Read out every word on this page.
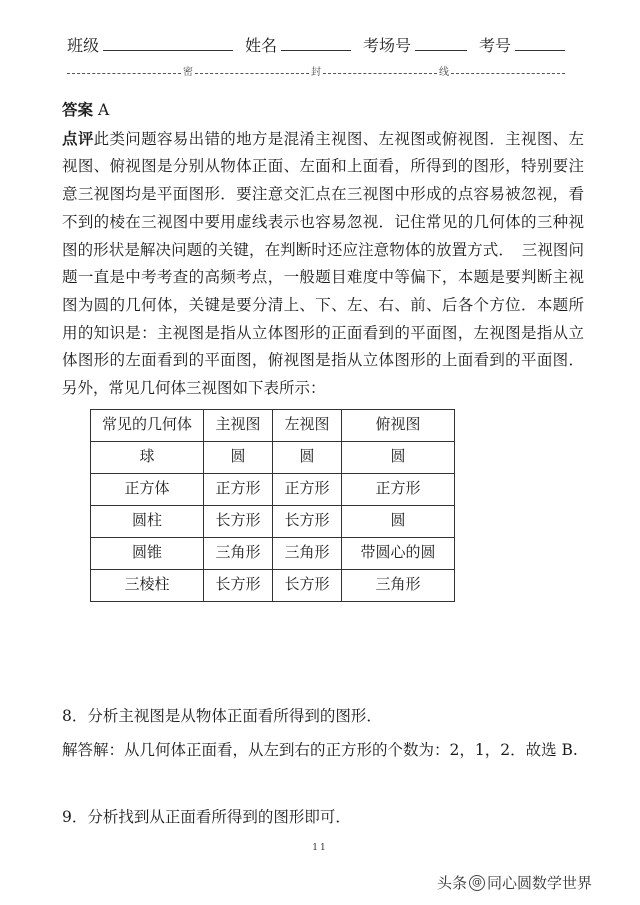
班级	姓名	考场号	考号
密	封	线

答案 A

点评此类问题容易出错的地方是混淆主视图、左视图或俯视图．主视图、左视图、俯视图是分别从物体正面、左面和上面看，所得到的图形，特别要注意三视图均是平面图形．要注意交汇点在三视图中形成的点容易被忽视，看不到的棱在三视图中要用虚线表示也容易忽视．记住常见的几何体的三种视图的形状是解决问题的关键，在判断时还应注意物体的放置方式．　三视图问题一直是中考考查的高频考点，一般题目难度中等偏下，本题是要判断主视图为圆的几何体，关键是要分清上、下、左、右、前、后各个方位．本题所用的知识是：主视图是指从立体图形的正面看到的平面图，左视图是指从立体图形的左面看到的平面图，俯视图是指从立体图形的上面看到的平面图．另外，常见几何体三视图如下表所示：

常见的几何体	主视图	左视图	俯视图
球	圆	圆	圆
正方体	正方形	正方形	正方形
圆柱	长方形	长方形	圆
圆锥	三角形	三角形	带圆心的圆
三棱柱	长方形	长方形	三角形

8．分析主视图是从物体正面看所得到的图形．

解答解：从几何体正面看，从左到右的正方形的个数为：2，1，2．故选 B.

9．分析找到从正面看所得到的图形即可．

11
头条 @ 同心圆数学世界
